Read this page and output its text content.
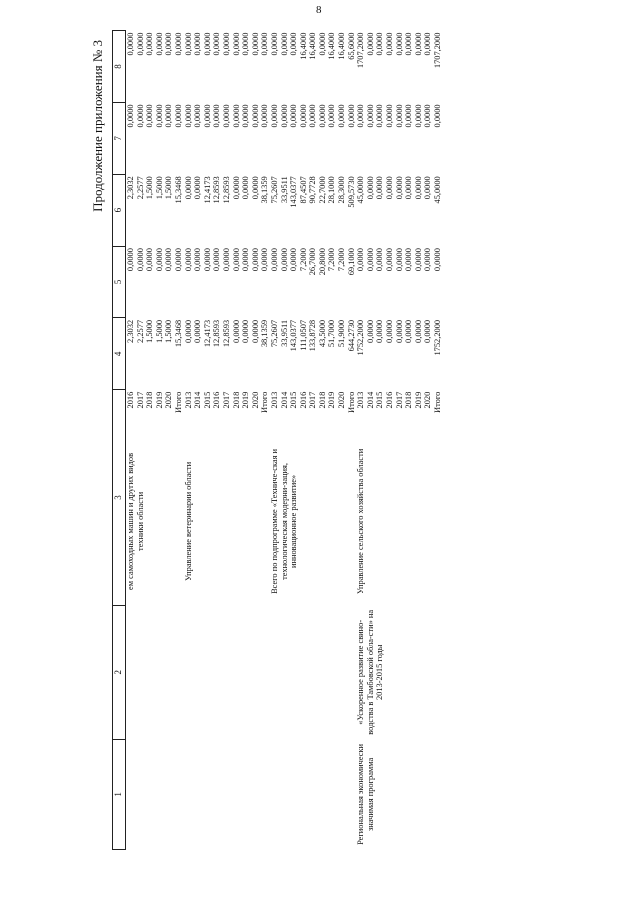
8
Продолжение приложения № 3
1	2	3		4	5	6	7	8
		ем самоходных машин и других видов техники области	2016	2,3032	0,0000	2,3032	0,0000	0,0000
			2017	2,2577	0,0000	2,2577	0,0000	0,0000
			2018	1,5000	0,0000	1,5000	0,0000	0,0000
			2019	1,5000	0,0000	1,5000	0,0000	0,0000
			2020	1,5000	0,0000	1,5000	0,0000	0,0000
			Итого	15,3468	0,0000	15,3468	0,0000	0,0000
		Управление ветеринарии области	2013	0,0000	0,0000	0,0000	0,0000	0,0000
			2014	0,0000	0,0000	0,0000	0,0000	0,0000
			2015	12,4173	0,0000	12,4173	0,0000	0,0000
			2016	12,8593	0,0000	12,8593	0,0000	0,0000
			2017	12,8593	0,0000	12,8593	0,0000	0,0000
			2018	0,0000	0,0000	0,0000	0,0000	0,0000
			2019	0,0000	0,0000	0,0000	0,0000	0,0000
			2020	0,0000	0,0000	0,0000	0,0000	0,0000
			Итого	38,1359	0,0000	38,1359	0,0000	0,0000
		Всего по подпрограмме «Техниче-ская и технологическая модерни-зация, инновационное развитие»	2013	75,2607	0,0000	75,2607	0,0000	0,0000
			2014	33,9511	0,0000	33,9511	0,0000	0,0000
			2015	143,0377	0,0000	143,0377	0,0000	0,0000
			2016	111,0507	7,2000	87,4507	0,0000	16,4000
			2017	133,8728	26,7000	90,7728	0,0000	16,4000
			2018	43,5000	20,8000	22,7000	0,0000	0,0000
			2019	51,7000	7,2000	28,1000	0,0000	16,4000
			2020	51,9000	7,2000	28,3000	0,0000	16,4000
			Итого	644,2730	69,1000	509,5730	0,0000	65,6000
Региональная экономически значимая программа	«Ускоренное развитие свино-водства в Тамбовской обла-сти» на 2013-2015 годы	Управление сельского хозяйства области	2013	1752,2000	0,0000	45,0000	0,0000	1707,2000
			2014	0,0000	0,0000	0,0000	0,0000	0,0000
			2015	0,0000	0,0000	0,0000	0,0000	0,0000
			2016	0,0000	0,0000	0,0000	0,0000	0,0000
			2017	0,0000	0,0000	0,0000	0,0000	0,0000
			2018	0,0000	0,0000	0,0000	0,0000	0,0000
			2019	0,0000	0,0000	0,0000	0,0000	0,0000
			2020	0,0000	0,0000	0,0000	0,0000	0,0000
			Итого	1752,2000	0,0000	45,0000	0,0000	1707,2000
